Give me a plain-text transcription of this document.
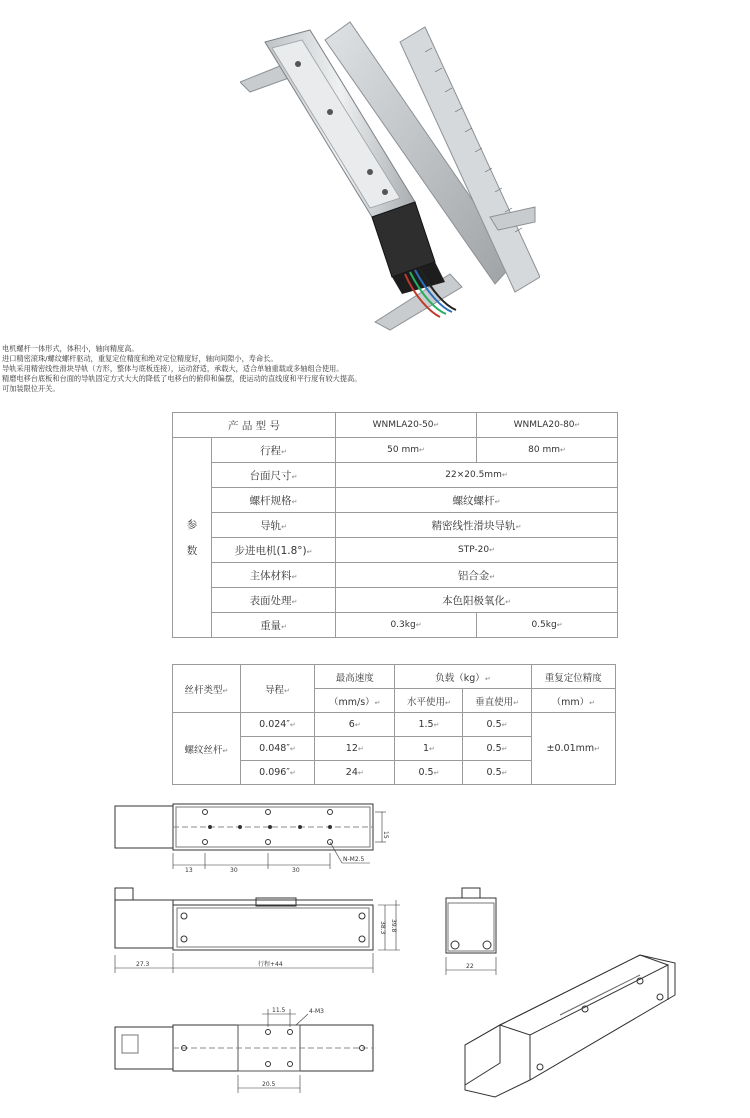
电机螺杆一体形式，体积小，轴向精度高。
进口精密滚珠/螺纹螺杆驱动，重复定位精度和绝对定位精度好，轴向间隙小，寿命长。
导轨采用精密线性滑块导轨（方形，整体与底板连接），运动舒适，承载大，适合单轴重载或多轴组合使用。
精磨电移台底板和台面的导轨固定方式大大的降低了电移台的俯仰和偏摆，使运动的直线度和平行度有较大提高。
可加装限位开关。
产 品 型 号		WNMLA20-50↵	WNMLA20-80↵

参
数	行程↵	50 mm↵	80 mm↵
	台面尺寸↵	22×20.5mm↵	
	螺杆规格↵	螺纹螺杆↵	
	导轨↵	精密线性滑块导轨↵	
	步进电机(1.8°)↵	STP-20↵	
	主体材料↵	铝合金↵	
	表面处理↵	本色阳极氧化↵	
	重量↵	0.3kg↵	0.5kg↵
丝杆类型↵	导程↵	最高速度	负载（kg）↵		重复定位精度
		（mm/s）↵	水平使用↵	垂直使用↵	（mm）↵
螺纹丝杆↵	0.024″↵	6↵	1.5↵	0.5↵	±0.01mm↵
	0.048″↵	12↵	1↵	0.5↵	
	0.096″↵	24↵	0.5↵	0.5↵	
13	30	30
15
N-M2.5
27.3	行程+44
38.3 39.8
22
11.5	4-M3
20.5
